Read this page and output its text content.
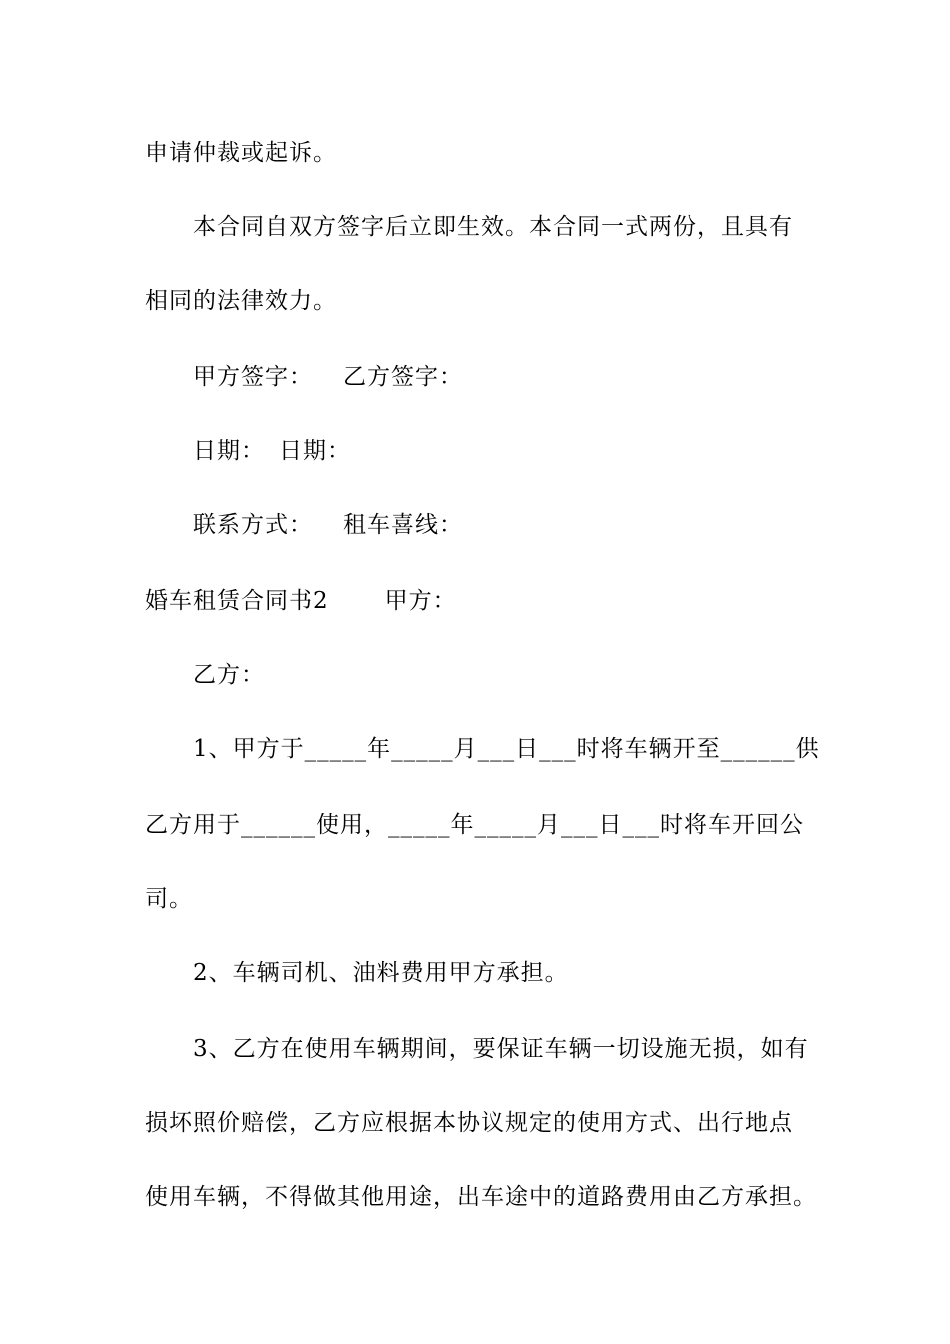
申请仲裁或起诉。
本合同自双方签字后立即生效。本合同一式两份，且具有
相同的法律效力。
甲方签字： 乙方签字：
日期： 日期：
联系方式： 租车喜线：
婚车租赁合同书2 甲方：
乙方：
1、甲方于_____年_____月___日___时将车辆开至______供
乙方用于______使用，_____年_____月___日___时将车开回公
司。
2、车辆司机、油料费用甲方承担。
3、乙方在使用车辆期间，要保证车辆一切设施无损，如有
损坏照价赔偿，乙方应根据本协议规定的使用方式、出行地点
使用车辆，不得做其他用途，出车途中的道路费用由乙方承担。
